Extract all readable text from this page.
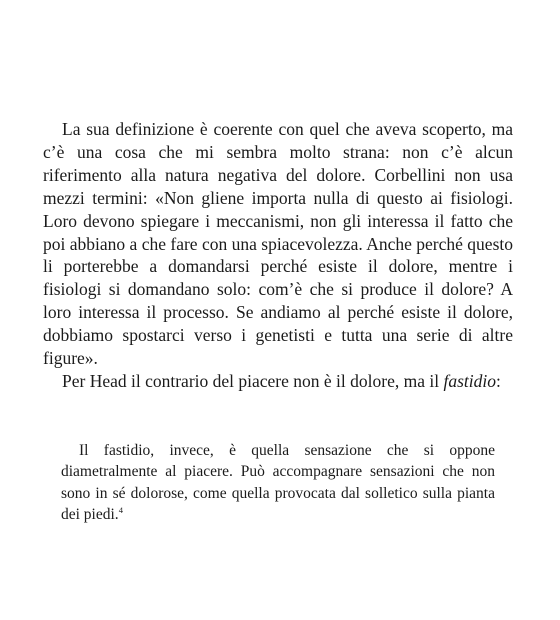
La sua definizione è coerente con quel che aveva scoperto, ma c’è una cosa che mi sembra molto strana: non c’è alcun riferimento alla natura negativa del dolore. Corbellini non usa mezzi termini: «Non gliene importa nulla di questo ai fisiologi. Loro devono spiegare i meccanismi, non gli interessa il fatto che poi abbiano a che fare con una spiacevolezza. Anche perché questo li porterebbe a domandarsi perché esiste il dolore, mentre i fisiologi si domandano solo: com’è che si produce il dolore? A loro interessa il processo. Se andiamo al perché esiste il dolore, dobbiamo spostarci verso i genetisti e tutta una serie di altre figure».

Per Head il contrario del piacere non è il dolore, ma il fastidio:

Il fastidio, invece, è quella sensazione che si oppone diametralmente al piacere. Può accompagnare sensazioni che non sono in sé dolorose, come quella provocata dal solletico sulla pianta dei piedi.$^4$
